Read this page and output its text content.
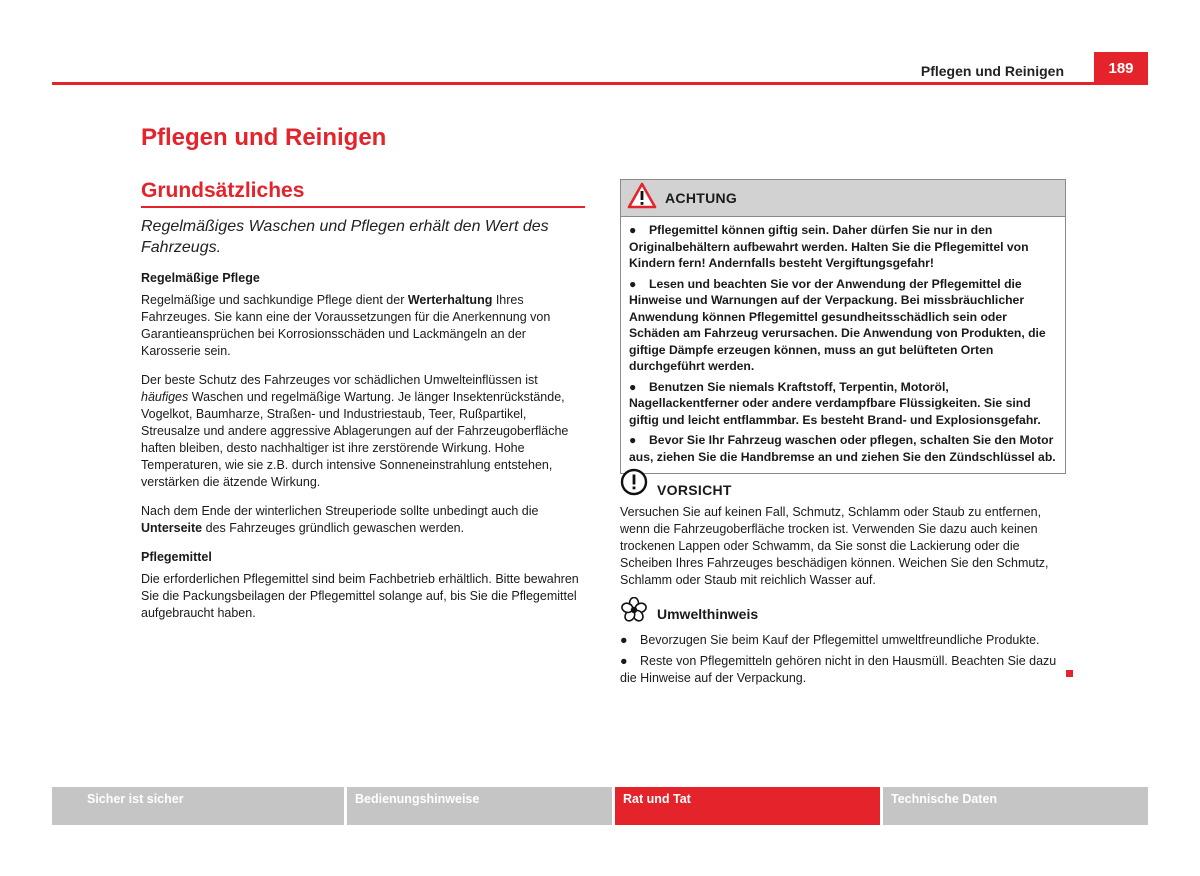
Pflegen und Reinigen	189
Pflegen und Reinigen
Grundsätzliches

Regelmäßiges Waschen und Pflegen erhält den Wert des Fahrzeugs.

Regelmäßige Pflege

Regelmäßige und sachkundige Pflege dient der Werterhaltung Ihres Fahrzeuges. Sie kann eine der Voraussetzungen für die Anerkennung von Garantieansprüchen bei Korrosionsschäden und Lackmängeln an der Karosserie sein.

Der beste Schutz des Fahrzeuges vor schädlichen Umwelteinflüssen ist häufiges Waschen und regelmäßige Wartung. Je länger Insektenrückstände, Vogelkot, Baumharze, Straßen- und Industriestaub, Teer, Rußpartikel, Streusalze und andere aggressive Ablagerungen auf der Fahrzeugoberfläche haften bleiben, desto nachhaltiger ist ihre zerstörende Wirkung. Hohe Temperaturen, wie sie z.B. durch intensive Sonneneinstrahlung entstehen, verstärken die ätzende Wirkung.

Nach dem Ende der winterlichen Streuperiode sollte unbedingt auch die Unterseite des Fahrzeuges gründlich gewaschen werden.

Pflegemittel

Die erforderlichen Pflegemittel sind beim Fachbetrieb erhältlich. Bitte bewahren Sie die Packungsbeilagen der Pflegemittel solange auf, bis Sie die Pflegemittel aufgebraucht haben.

ACHTUNG

● Pflegemittel können giftig sein. Daher dürfen Sie nur in den Originalbehältern aufbewahrt werden. Halten Sie die Pflegemittel von Kindern fern! Andernfalls besteht Vergiftungsgefahr!

● Lesen und beachten Sie vor der Anwendung der Pflegemittel die Hinweise und Warnungen auf der Verpackung. Bei missbräuchlicher Anwendung können Pflegemittel gesundheitsschädlich sein oder Schäden am Fahrzeug verursachen. Die Anwendung von Produkten, die giftige Dämpfe erzeugen können, muss an gut belüfteten Orten durchgeführt werden.

● Benutzen Sie niemals Kraftstoff, Terpentin, Motoröl, Nagellackentferner oder andere verdampfbare Flüssigkeiten. Sie sind giftig und leicht entflammbar. Es besteht Brand- und Explosionsgefahr.

● Bevor Sie Ihr Fahrzeug waschen oder pflegen, schalten Sie den Motor aus, ziehen Sie die Handbremse an und ziehen Sie den Zündschlüssel ab.

VORSICHT

Versuchen Sie auf keinen Fall, Schmutz, Schlamm oder Staub zu entfernen, wenn die Fahrzeugoberfläche trocken ist. Verwenden Sie dazu auch keinen trockenen Lappen oder Schwamm, da Sie sonst die Lackierung oder die Scheiben Ihres Fahrzeuges beschädigen können. Weichen Sie den Schmutz, Schlamm oder Staub mit reichlich Wasser auf.

Umwelthinweis

● Bevorzugen Sie beim Kauf der Pflegemittel umweltfreundliche Produkte.

● Reste von Pflegemitteln gehören nicht in den Hausmüll. Beachten Sie dazu die Hinweise auf der Verpackung.

Sicher ist sicher	Bedienungshinweise	Rat und Tat	Technische Daten
